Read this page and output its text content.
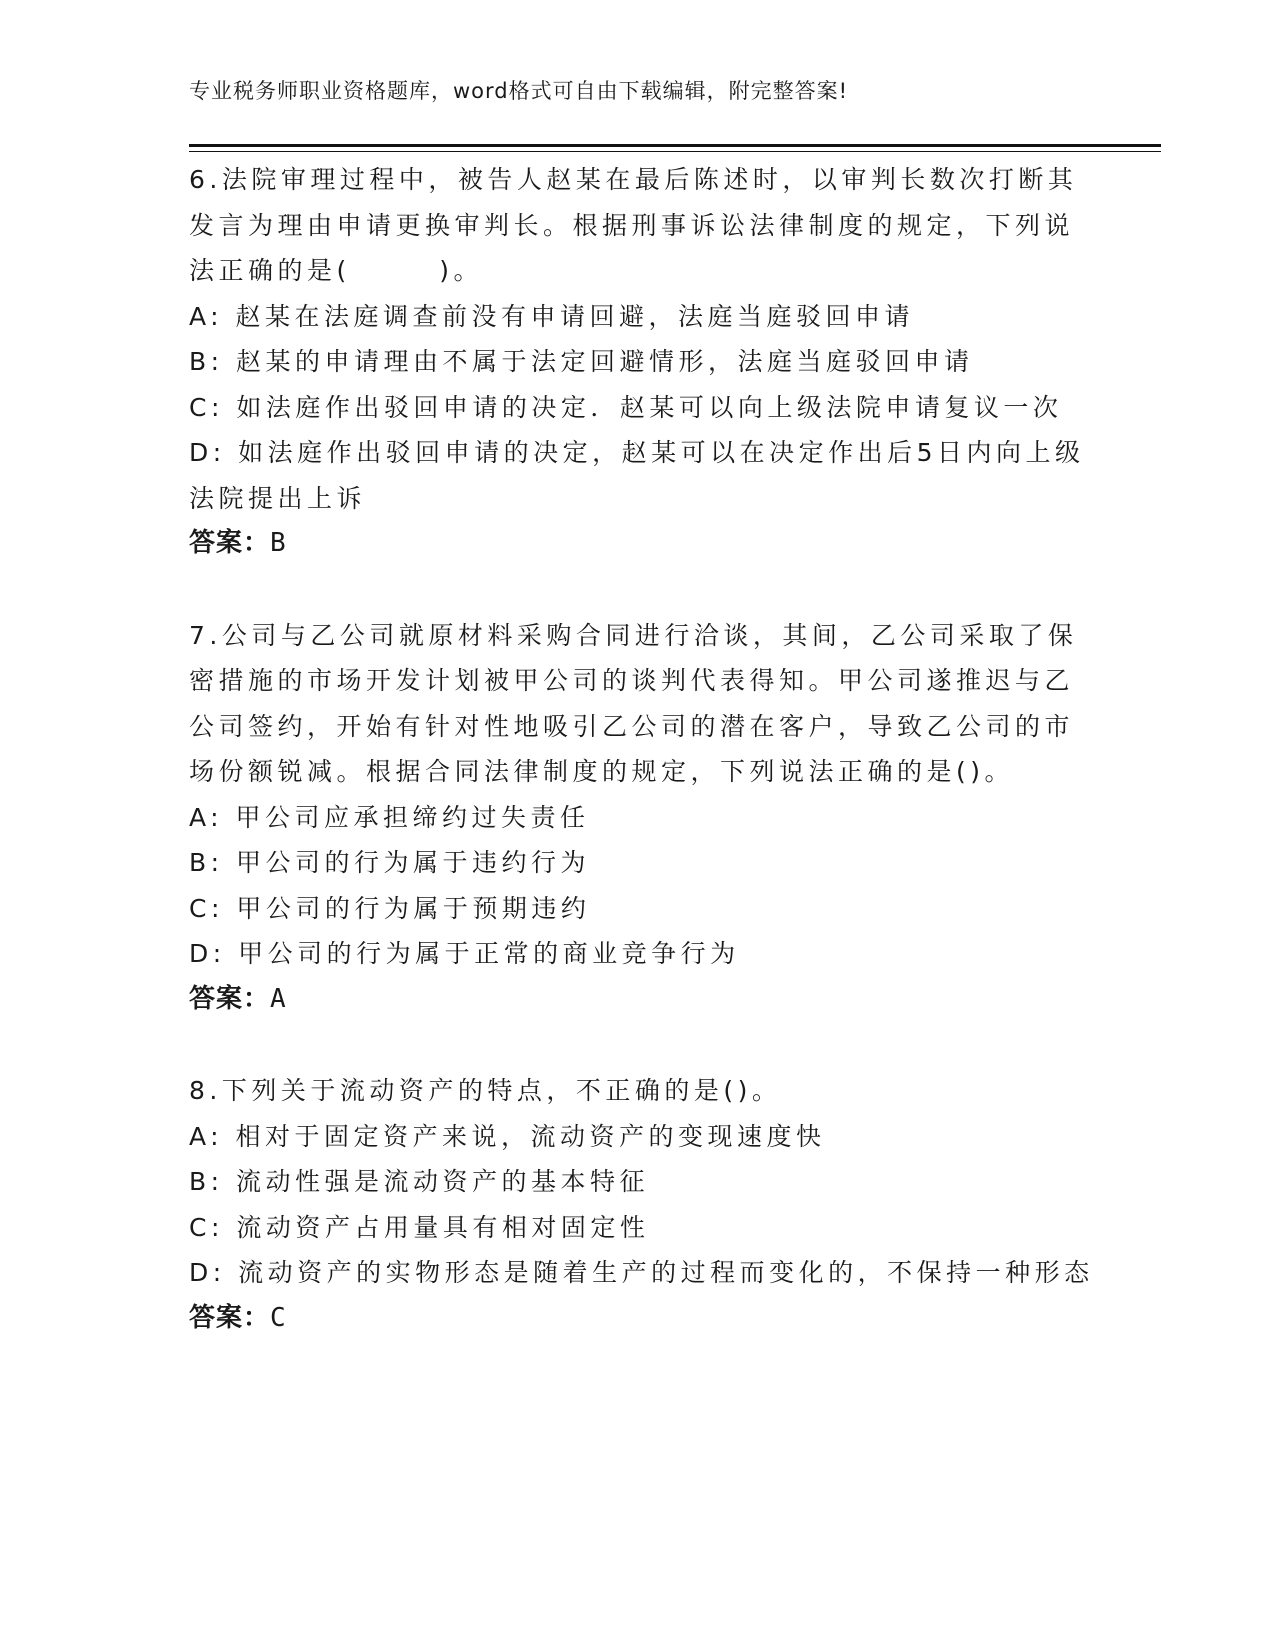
专业税务师职业资格题库，word格式可自由下载编辑，附完整答案!
6.法院审理过程中，被告人赵某在最后陈述时，以审判长数次打断其
发言为理由申请更换审判长。根据刑事诉讼法律制度的规定，下列说
法正确的是(　　　)。
A: 赵某在法庭调查前没有申请回避，法庭当庭驳回申请
B: 赵某的申请理由不属于法定回避情形，法庭当庭驳回申请
C: 如法庭作出驳回申请的决定．赵某可以向上级法院申请复议一次
D: 如法庭作出驳回申请的决定，赵某可以在决定作出后5日内向上级
法院提出上诉
答案：B
7.公司与乙公司就原材料采购合同进行洽谈，其间，乙公司采取了保
密措施的市场开发计划被甲公司的谈判代表得知。甲公司遂推迟与乙
公司签约，开始有针对性地吸引乙公司的潜在客户，导致乙公司的市
场份额锐减。根据合同法律制度的规定，下列说法正确的是()。
A: 甲公司应承担缔约过失责任
B: 甲公司的行为属于违约行为
C: 甲公司的行为属于预期违约
D: 甲公司的行为属于正常的商业竞争行为
答案：A
8.下列关于流动资产的特点，不正确的是()。
A: 相对于固定资产来说，流动资产的变现速度快
B: 流动性强是流动资产的基本特征
C: 流动资产占用量具有相对固定性
D: 流动资产的实物形态是随着生产的过程而变化的，不保持一种形态
答案：C
